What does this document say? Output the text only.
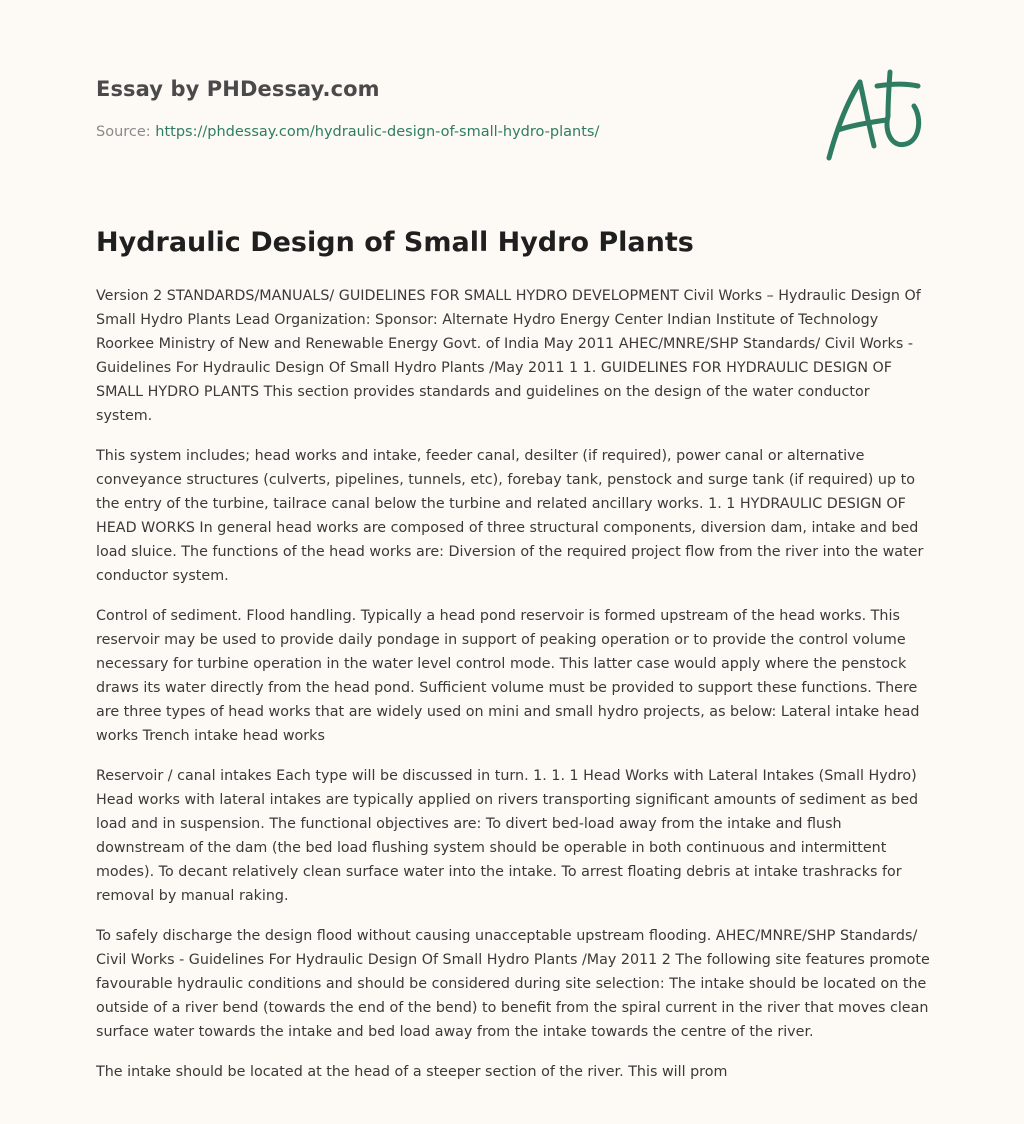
Essay by PHDessay.com
Source: https://phdessay.com/hydraulic-design-of-small-hydro-plants/
Hydraulic Design of Small Hydro Plants

Version 2 STANDARDS/MANUALS/ GUIDELINES FOR SMALL HYDRO DEVELOPMENT Civil Works – Hydraulic Design Of Small Hydro Plants Lead Organization: Sponsor: Alternate Hydro Energy Center Indian Institute of Technology Roorkee Ministry of New and Renewable Energy Govt. of India May 2011 AHEC/MNRE/SHP Standards/ Civil Works - Guidelines For Hydraulic Design Of Small Hydro Plants /May 2011 1 1. GUIDELINES FOR HYDRAULIC DESIGN OF SMALL HYDRO PLANTS This section provides standards and guidelines on the design of the water conductor system.

This system includes; head works and intake, feeder canal, desilter (if required), power canal or alternative conveyance structures (culverts, pipelines, tunnels, etc), forebay tank, penstock and surge tank (if required) up to the entry of the turbine, tailrace canal below the turbine and related ancillary works. 1. 1 HYDRAULIC DESIGN OF HEAD WORKS In general head works are composed of three structural components, diversion dam, intake and bed load sluice. The functions of the head works are: Diversion of the required project flow from the river into the water conductor system.

Control of sediment. Flood handling. Typically a head pond reservoir is formed upstream of the head works. This reservoir may be used to provide daily pondage in support of peaking operation or to provide the control volume necessary for turbine operation in the water level control mode. This latter case would apply where the penstock draws its water directly from the head pond. Sufficient volume must be provided to support these functions. There are three types of head works that are widely used on mini and small hydro projects, as below: Lateral intake head works Trench intake head works

Reservoir / canal intakes Each type will be discussed in turn. 1. 1. 1 Head Works with Lateral Intakes (Small Hydro) Head works with lateral intakes are typically applied on rivers transporting significant amounts of sediment as bed load and in suspension. The functional objectives are: To divert bed-load away from the intake and flush downstream of the dam (the bed load flushing system should be operable in both continuous and intermittent modes). To decant relatively clean surface water into the intake. To arrest floating debris at intake trashracks for removal by manual raking.

To safely discharge the design flood without causing unacceptable upstream flooding. AHEC/MNRE/SHP Standards/ Civil Works - Guidelines For Hydraulic Design Of Small Hydro Plants /May 2011 2 The following site features promote favourable hydraulic conditions and should be considered during site selection: The intake should be located on the outside of a river bend (towards the end of the bend) to benefit from the spiral current in the river that moves clean surface water towards the intake and bed load away from the intake towards the centre of the river.

The intake should be located at the head of a steeper section of the river. This will prom
